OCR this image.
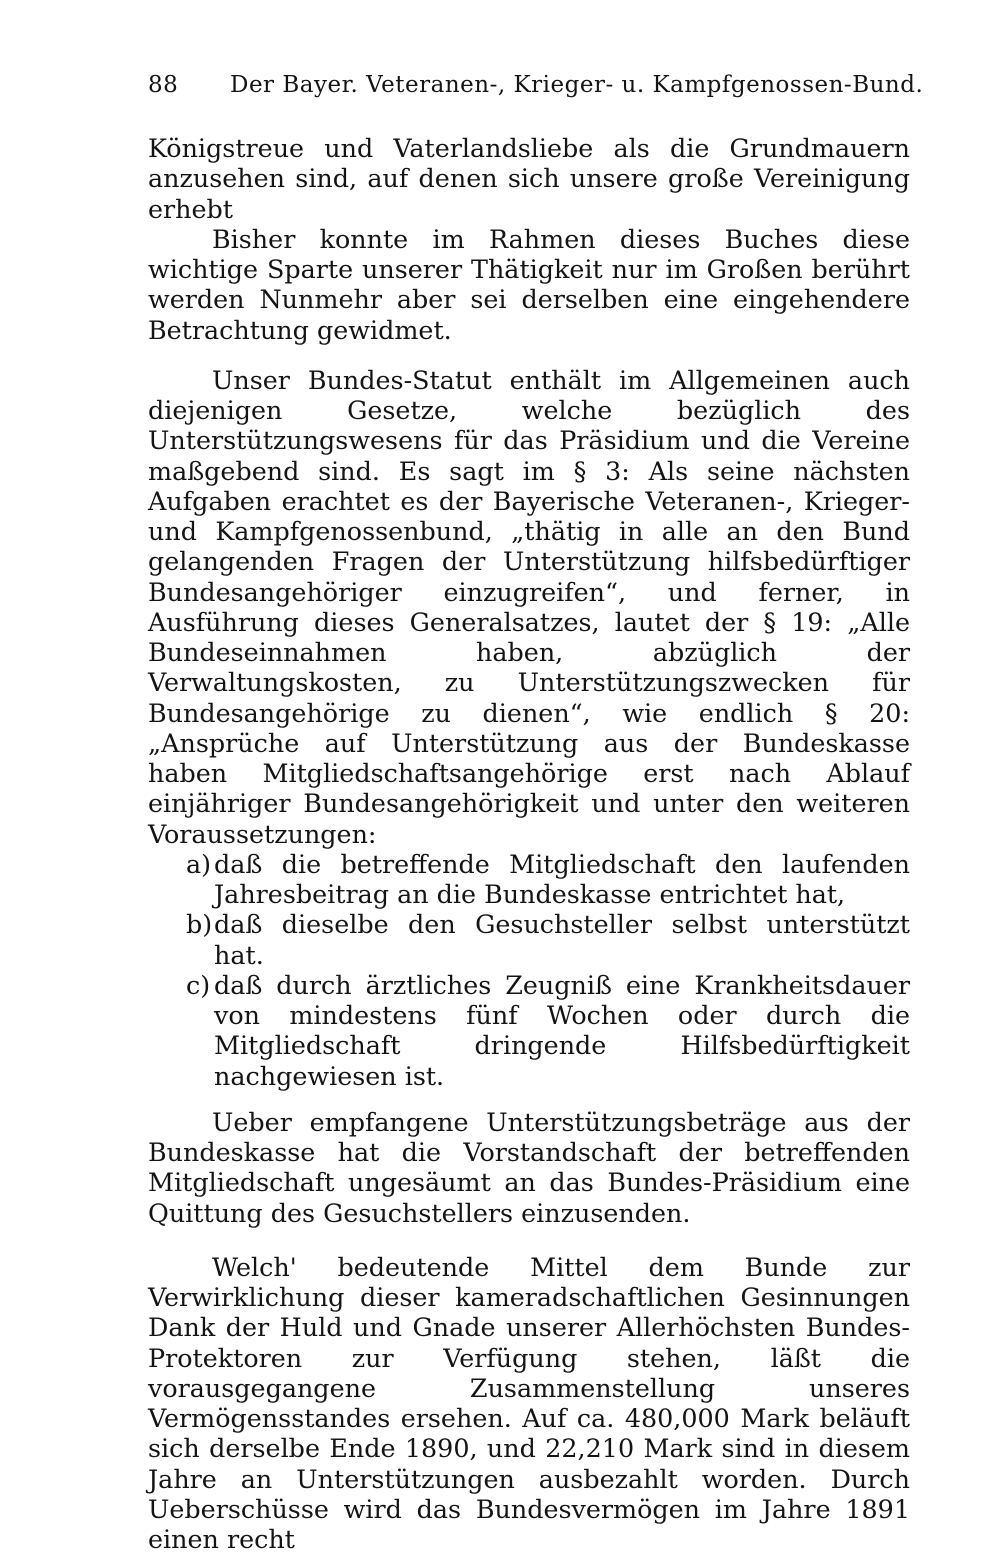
88 Der Bayer. Veteranen-, Krieger- u. Kampfgenossen-Bund.

Königstreue und Vaterlandsliebe als die Grundmauern anzusehen sind, auf denen sich unsere große Vereinigung erhebt

Bisher konnte im Rahmen dieses Buches diese wichtige Sparte unserer Thätigkeit nur im Großen berührt werden Nunmehr aber sei derselben eine eingehendere Betrachtung gewidmet.

Unser Bundes-Statut enthält im Allgemeinen auch diejenigen Gesetze, welche bezüglich des Unterstützungswesens für das Präsidium und die Vereine maßgebend sind. Es sagt im § 3: Als seine nächsten Aufgaben erachtet es der Bayerische Veteranen-, Krieger- und Kampfgenossenbund, „thätig in alle an den Bund gelangenden Fragen der Unterstützung hilfsbedürftiger Bundesangehöriger einzugreifen“, und ferner, in Ausführung dieses Generalsatzes, lautet der § 19: „Alle Bundeseinnahmen haben, abzüglich der Verwaltungskosten, zu Unterstützungszwecken für Bundesangehörige zu dienen“, wie endlich § 20: „Ansprüche auf Unterstützung aus der Bundeskasse haben Mitgliedschaftsangehörige erst nach Ablauf einjähriger Bundesangehörigkeit und unter den weiteren Voraussetzungen:

a) daß die betreffende Mitgliedschaft den laufenden Jahresbeitrag an die Bundeskasse entrichtet hat,
b) daß dieselbe den Gesuchsteller selbst unterstützt hat.
c) daß durch ärztliches Zeugniß eine Krankheitsdauer von mindestens fünf Wochen oder durch die Mitgliedschaft dringende Hilfsbedürftigkeit nachgewiesen ist.

Ueber empfangene Unterstützungsbeträge aus der Bundeskasse hat die Vorstandschaft der betreffenden Mitgliedschaft ungesäumt an das Bundes-Präsidium eine Quittung des Gesuchstellers einzusenden.

Welch' bedeutende Mittel dem Bunde zur Verwirklichung dieser kameradschaftlichen Gesinnungen Dank der Huld und Gnade unserer Allerhöchsten Bundes-Protektoren zur Verfügung stehen, läßt die vorausgegangene Zusammenstellung unseres Vermögensstandes ersehen. Auf ca. 480,000 Mark beläuft sich derselbe Ende 1890, und 22,210 Mark sind in diesem Jahre an Unterstützungen ausbezahlt worden. Durch Ueberschüsse wird das Bundesvermögen im Jahre 1891 einen recht
